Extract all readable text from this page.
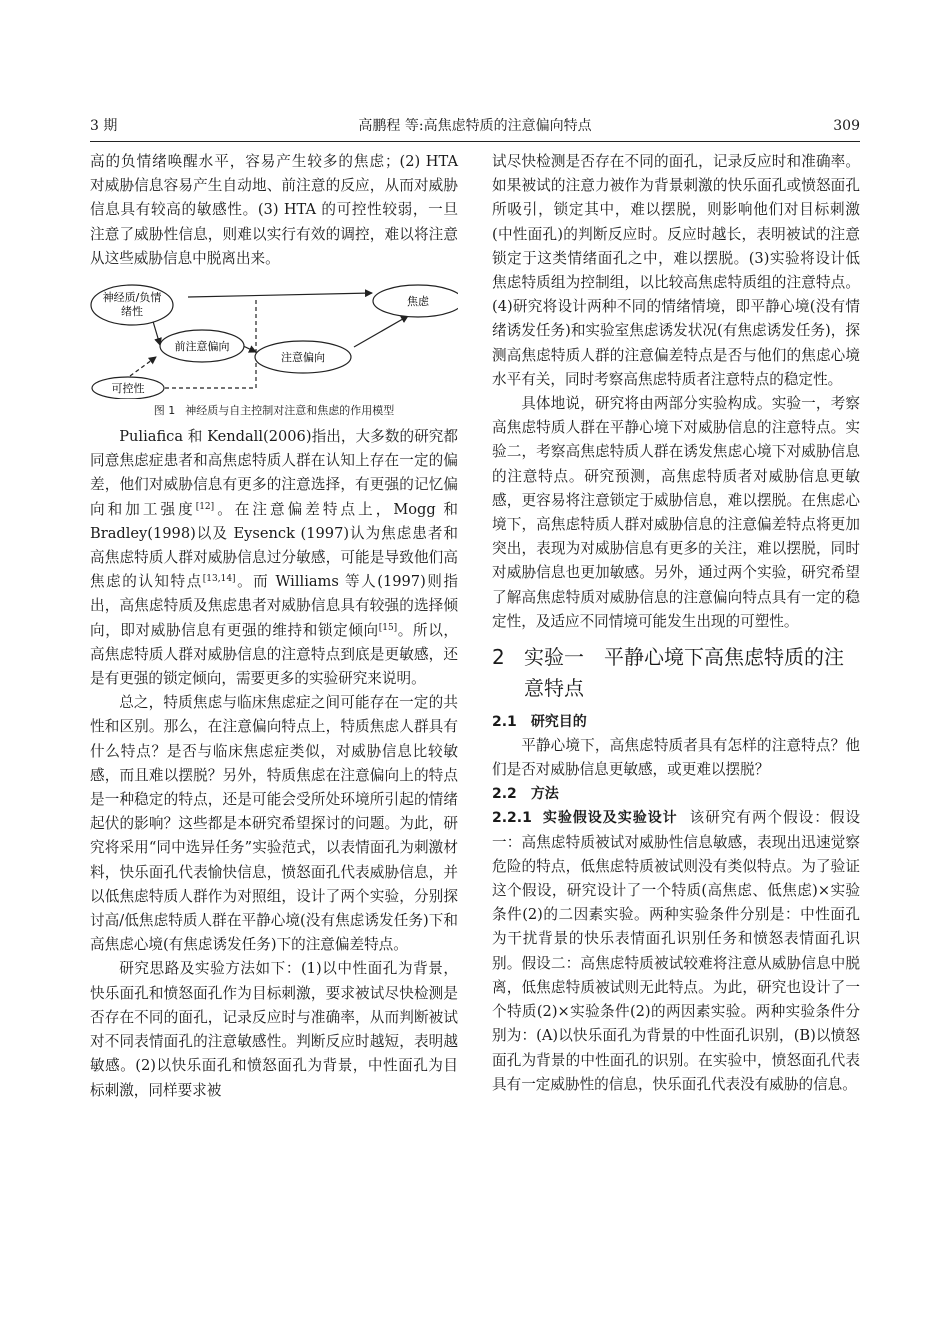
3 期	高鹏程 等:高焦虑特质的注意偏向特点	309

高的负情绪唤醒水平，容易产生较多的焦虑；(2) HTA 对威胁信息容易产生自动地、前注意的反应，从而对威胁信息具有较高的敏感性。(3) HTA 的可控性较弱，一旦注意了威胁性信息，则难以实行有效的调控，难以将注意从这些威胁信息中脱离出来。

神经质/负情
绪性
前注意偏向
注意偏向
焦虑
可控性
图 1 神经质与自主控制对注意和焦虑的作用模型

Puliafica 和 Kendall(2006)指出，大多数的研究都同意焦虑症患者和高焦虑特质人群在认知上存在一定的偏差，他们对威胁信息有更多的注意选择，有更强的记忆偏向和加工强度[12]。在注意偏差特点上，Mogg 和 Bradley(1998)以及 Eysenck (1997)认为焦虑患者和高焦虑特质人群对威胁信息过分敏感，可能是导致他们高焦虑的认知特点[13,14]。而 Williams 等人(1997)则指出，高焦虑特质及焦虑患者对威胁信息具有较强的选择倾向，即对威胁信息有更强的维持和锁定倾向[15]。所以，高焦虑特质人群对威胁信息的注意特点到底是更敏感，还是有更强的锁定倾向，需要更多的实验研究来说明。

总之，特质焦虑与临床焦虑症之间可能存在一定的共性和区别。那么，在注意偏向特点上，特质焦虑人群具有什么特点？是否与临床焦虑症类似，对威胁信息比较敏感，而且难以摆脱？另外，特质焦虑在注意偏向上的特点是一种稳定的特点，还是可能会受所处环境所引起的情绪起伏的影响？这些都是本研究希望探讨的问题。为此，研究将采用“同中选异任务”实验范式，以表情面孔为刺激材料，快乐面孔代表愉快信息，愤怒面孔代表威胁信息，并以低焦虑特质人群作为对照组，设计了两个实验，分别探讨高/低焦虑特质人群在平静心境(没有焦虑诱发任务)下和高焦虑心境(有焦虑诱发任务)下的注意偏差特点。

研究思路及实验方法如下：(1)以中性面孔为背景，快乐面孔和愤怒面孔作为目标刺激，要求被试尽快检测是否存在不同的面孔，记录反应时与准确率，从而判断被试对不同表情面孔的注意敏感性。判断反应时越短，表明越敏感。(2)以快乐面孔和愤怒面孔为背景，中性面孔为目标刺激，同样要求被

试尽快检测是否存在不同的面孔，记录反应时和准确率。如果被试的注意力被作为背景刺激的快乐面孔或愤怒面孔所吸引，锁定其中，难以摆脱，则影响他们对目标刺激(中性面孔)的判断反应时。反应时越长，表明被试的注意锁定于这类情绪面孔之中，难以摆脱。(3)实验将设计低焦虑特质组为控制组，以比较高焦虑特质组的注意特点。(4)研究将设计两种不同的情绪情境，即平静心境(没有情绪诱发任务)和实验室焦虑诱发状况(有焦虑诱发任务)，探测高焦虑特质人群的注意偏差特点是否与他们的焦虑心境水平有关，同时考察高焦虑特质者注意特点的稳定性。

具体地说，研究将由两部分实验构成。实验一，考察高焦虑特质人群在平静心境下对威胁信息的注意特点。实验二，考察高焦虑特质人群在诱发焦虑心境下对威胁信息的注意特点。研究预测，高焦虑特质者对威胁信息更敏感，更容易将注意锁定于威胁信息，难以摆脱。在焦虑心境下，高焦虑特质人群对威胁信息的注意偏差特点将更加突出，表现为对威胁信息有更多的关注，难以摆脱，同时对威胁信息也更加敏感。另外，通过两个实验，研究希望了解高焦虑特质对威胁信息的注意偏向特点具有一定的稳定性，及适应不同情境可能发生出现的可塑性。

2 实验一　平静心境下高焦虑特质的注意特点
2.1 研究目的

平静心境下，高焦虑特质者具有怎样的注意特点？他们是否对威胁信息更敏感，或更难以摆脱？

2.2 方法

2.2.1 实验假设及实验设计 该研究有两个假设：假设一：高焦虑特质被试对威胁性信息敏感，表现出迅速觉察危险的特点，低焦虑特质被试则没有类似特点。为了验证这个假设，研究设计了一个特质(高焦虑、低焦虑)×实验条件(2)的二因素实验。两种实验条件分别是：中性面孔为干扰背景的快乐表情面孔识别任务和愤怒表情面孔识别。假设二：高焦虑特质被试较难将注意从威胁信息中脱离，低焦虑特质被试则无此特点。为此，研究也设计了一个特质(2)×实验条件(2)的两因素实验。两种实验条件分别为：(A)以快乐面孔为背景的中性面孔识别，(B)以愤怒面孔为背景的中性面孔的识别。在实验中，愤怒面孔代表具有一定威胁性的信息，快乐面孔代表没有威胁的信息。
